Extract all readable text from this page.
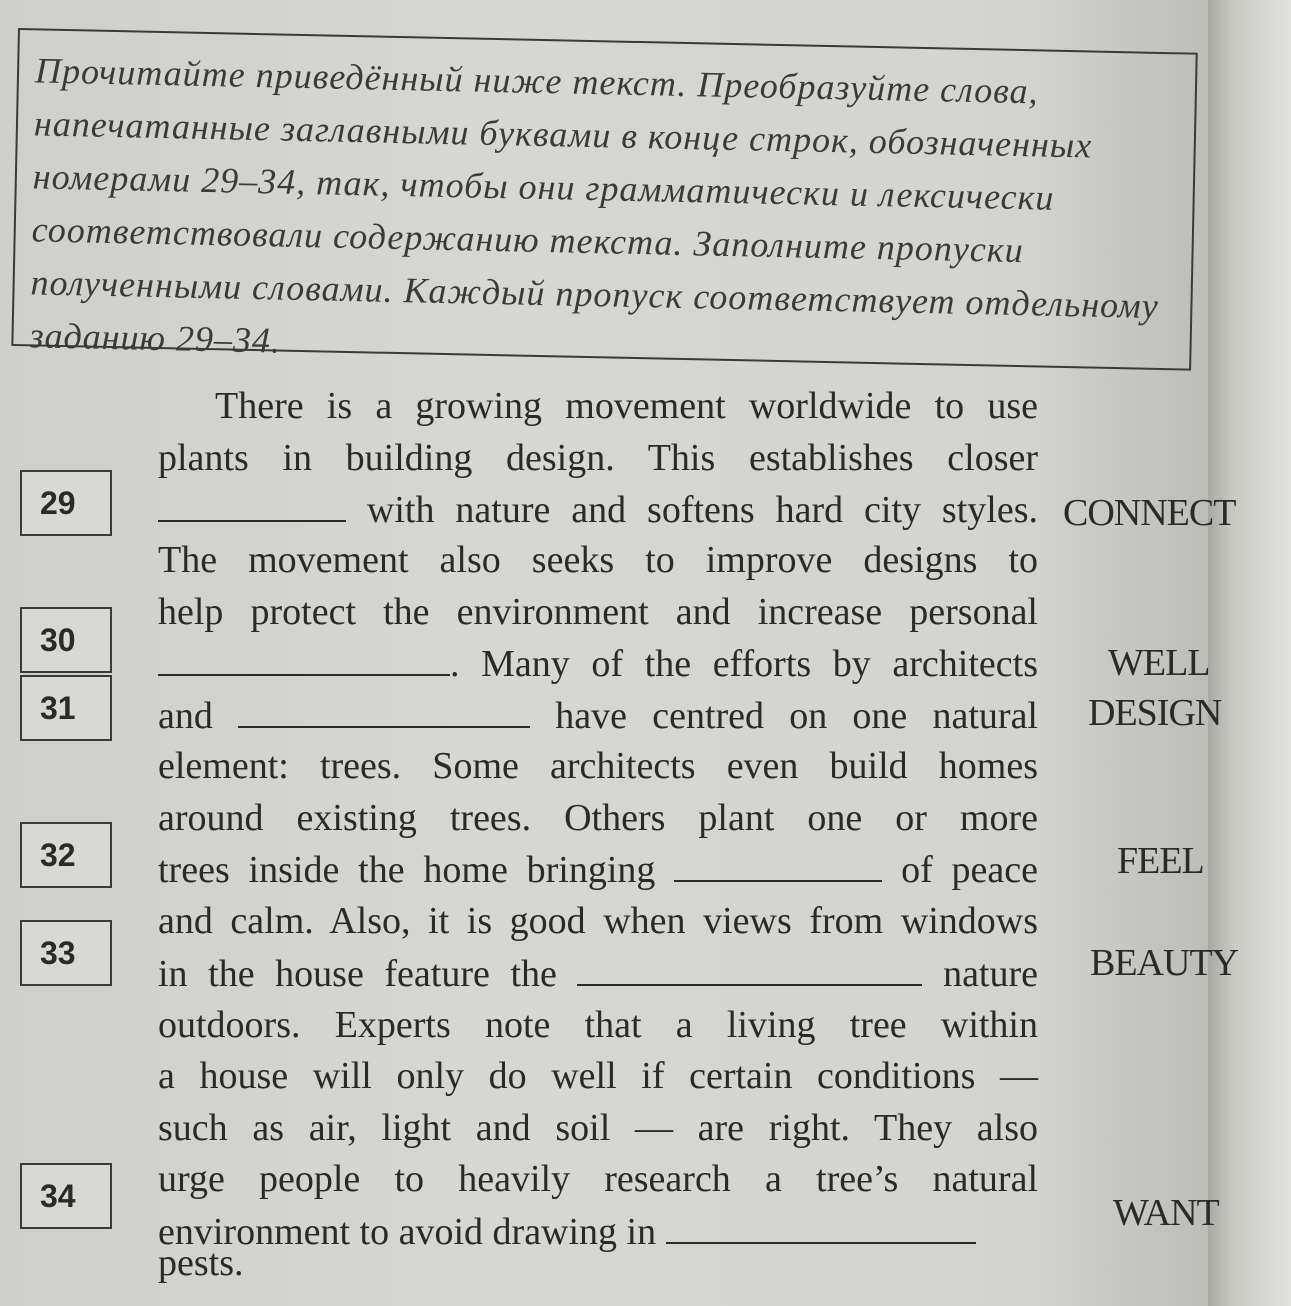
Прочитайте приведённый ниже текст. Преобразуйте слова, напечатанные заглавными буквами в конце строк, обозначенных номерами 29–34, так, чтобы они грамматически и лексически соответствовали содержанию текста. Заполните пропуски полученными словами. Каждый пропуск соответствует отдельному заданию 29–34.

There is a growing movement worldwide to use
plants in building design. This establishes closer
with nature and softens hard city styles.
The movement also seeks to improve designs to
help protect the environment and increase personal
. Many of the efforts by architects
and	have centred on one natural
element: trees. Some architects even build homes
around existing trees. Others plant one or more
trees inside the home bringing	of peace
and calm. Also, it is good when views from windows
in the house feature the	nature
outdoors. Experts note that a living tree within
a house will only do well if certain conditions —
such as air, light and soil — are right. They also
urge people to heavily research a tree’s natural
environment to avoid drawing in
pests.
29
30
31
32
33
34
CONNECT
WELL
DESIGN
FEEL
BEAUTY
WANT
